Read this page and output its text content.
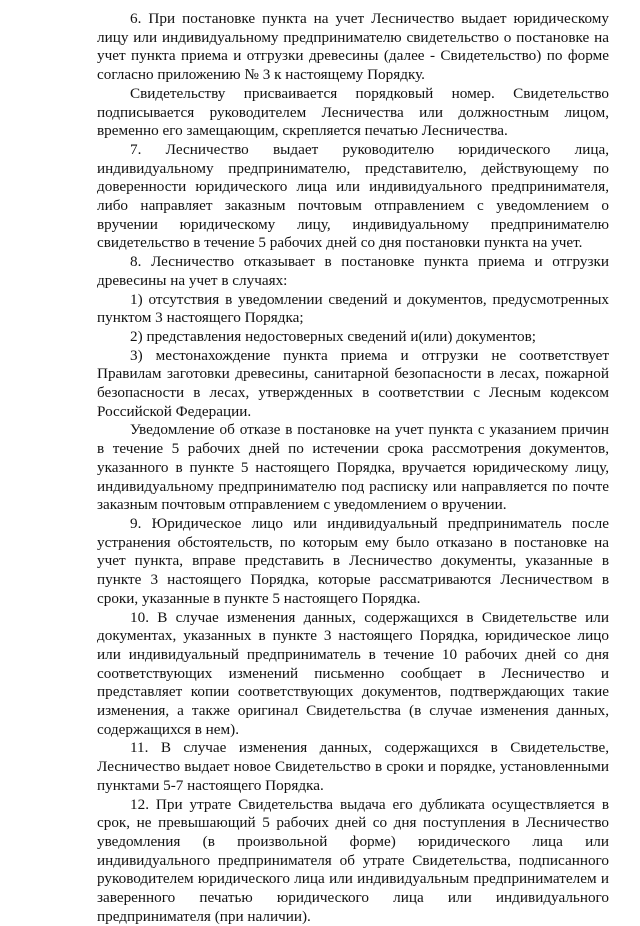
6. При постановке пункта на учет Лесничество выдает юридическому лицу или индивидуальному предпринимателю свидетельство о постановке на учет пункта приема и отгрузки древесины (далее - Свидетельство) по форме согласно приложению № 3 к настоящему Порядку.

Свидетельству присваивается порядковый номер. Свидетельство подписывается руководителем Лесничества или должностным лицом, временно его замещающим, скрепляется печатью Лесничества.

7. Лесничество выдает руководителю юридического лица, индивидуальному предпринимателю, представителю, действующему по доверенности юридического лица или индивидуального предпринимателя, либо направляет заказным почтовым отправлением с уведомлением о вручении юридическому лицу, индивидуальному предпринимателю свидетельство в течение 5 рабочих дней со дня постановки пункта на учет.

8. Лесничество отказывает в постановке пункта приема и отгрузки древесины на учет в случаях:

1) отсутствия в уведомлении сведений и документов, предусмотренных пунктом 3 настоящего Порядка;

2) представления недостоверных сведений и(или) документов;

3) местонахождение пункта приема и отгрузки не соответствует Правилам заготовки древесины, санитарной безопасности в лесах, пожарной безопасности в лесах, утвержденных в соответствии с Лесным кодексом Российской Федерации.

Уведомление об отказе в постановке на учет пункта с указанием причин в течение 5 рабочих дней по истечении срока рассмотрения документов, указанного в пункте 5 настоящего Порядка, вручается юридическому лицу, индивидуальному предпринимателю под расписку или направляется по почте заказным почтовым отправлением с уведомлением о вручении.

9. Юридическое лицо или индивидуальный предприниматель после устранения обстоятельств, по которым ему было отказано в постановке на учет пункта, вправе представить в Лесничество документы, указанные в пункте 3 настоящего Порядка, которые рассматриваются Лесничеством в сроки, указанные в пункте 5 настоящего Порядка.

10. В случае изменения данных, содержащихся в Свидетельстве или документах, указанных в пункте 3 настоящего Порядка, юридическое лицо или индивидуальный предприниматель в течение 10 рабочих дней со дня соответствующих изменений письменно сообщает в Лесничество и представляет копии соответствующих документов, подтверждающих такие изменения, а также оригинал Свидетельства (в случае изменения данных, содержащихся в нем).

11. В случае изменения данных, содержащихся в Свидетельстве, Лесничество выдает новое Свидетельство в сроки и порядке, установленными пунктами 5-7 настоящего Порядка.

12. При утрате Свидетельства выдача его дубликата осуществляется в срок, не превышающий 5 рабочих дней со дня поступления в Лесничество уведомления (в произвольной форме) юридического лица или индивидуального предпринимателя об утрате Свидетельства, подписанного руководителем юридического лица или индивидуальным предпринимателем и заверенного печатью юридического лица или индивидуального предпринимателя (при наличии).
